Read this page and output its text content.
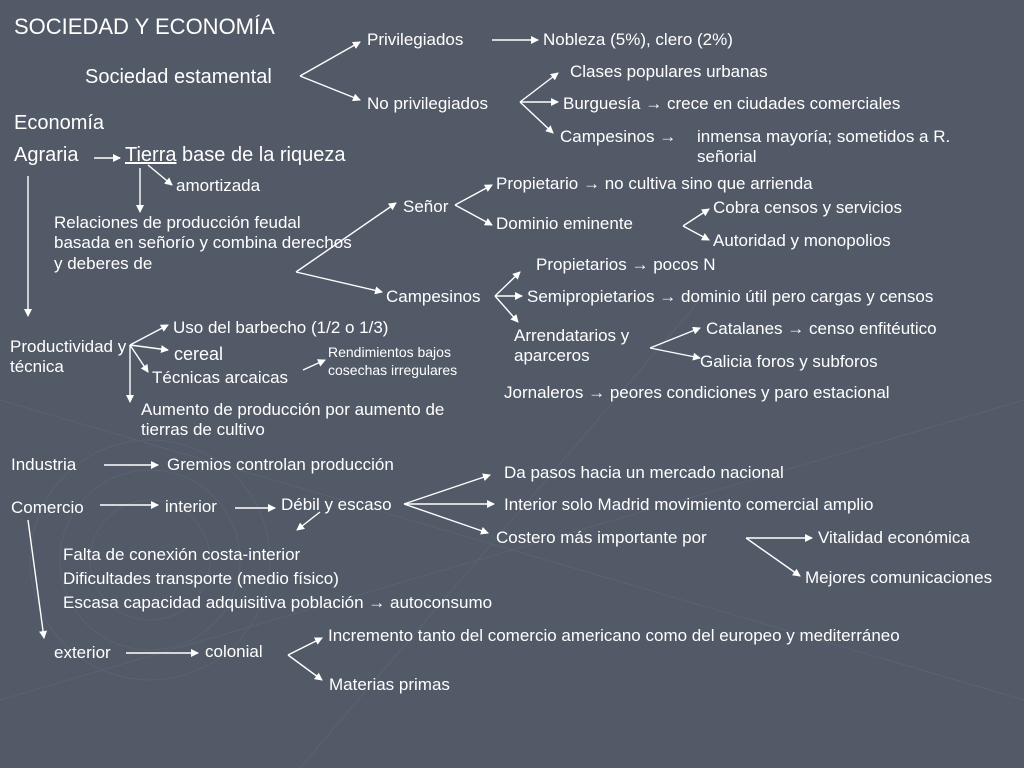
SOCIEDAD Y ECONOMÍA
Sociedad estamental
Privilegiados	Nobleza (5%), clero (2%)
No privilegiados
Clases populares urbanas
Burguesía → crece en ciudades comerciales
Campesinos → inmensa mayoría; sometidos a R. señorial
Economía
Agraria Tierra base de la riqueza
amortizada
Relaciones de producción feudal basada en señorío y combina derechos y deberes de
Señor
Propietario → no cultiva sino que arrienda
Dominio eminente
Cobra censos y servicios
Autoridad y monopolios
Campesinos
Propietarios → pocos N
Semipropietarios → dominio útil pero cargas y censos
Arrendatarios y aparceros
Catalanes → censo enfitéutico
Galicia foros y subforos
Jornaleros → peores condiciones y paro estacional
Productividad y técnica
Uso del barbecho (1/2 o 1/3)
cereal
Técnicas arcaicas
Rendimientos bajos cosechas irregulares
Aumento de producción por aumento de tierras de cultivo
Industria	Gremios controlan producción
Comercio	interior	Débil y escaso
Da pasos hacia un mercado nacional
Interior solo Madrid movimiento comercial amplio
Costero más importante por	Vitalidad económica
Mejores comunicaciones
Falta de conexión costa-interior
Dificultades transporte (medio físico)
Escasa capacidad adquisitiva población → autoconsumo
exterior	colonial
Incremento tanto del comercio americano como del europeo y mediterráneo
Materias primas
